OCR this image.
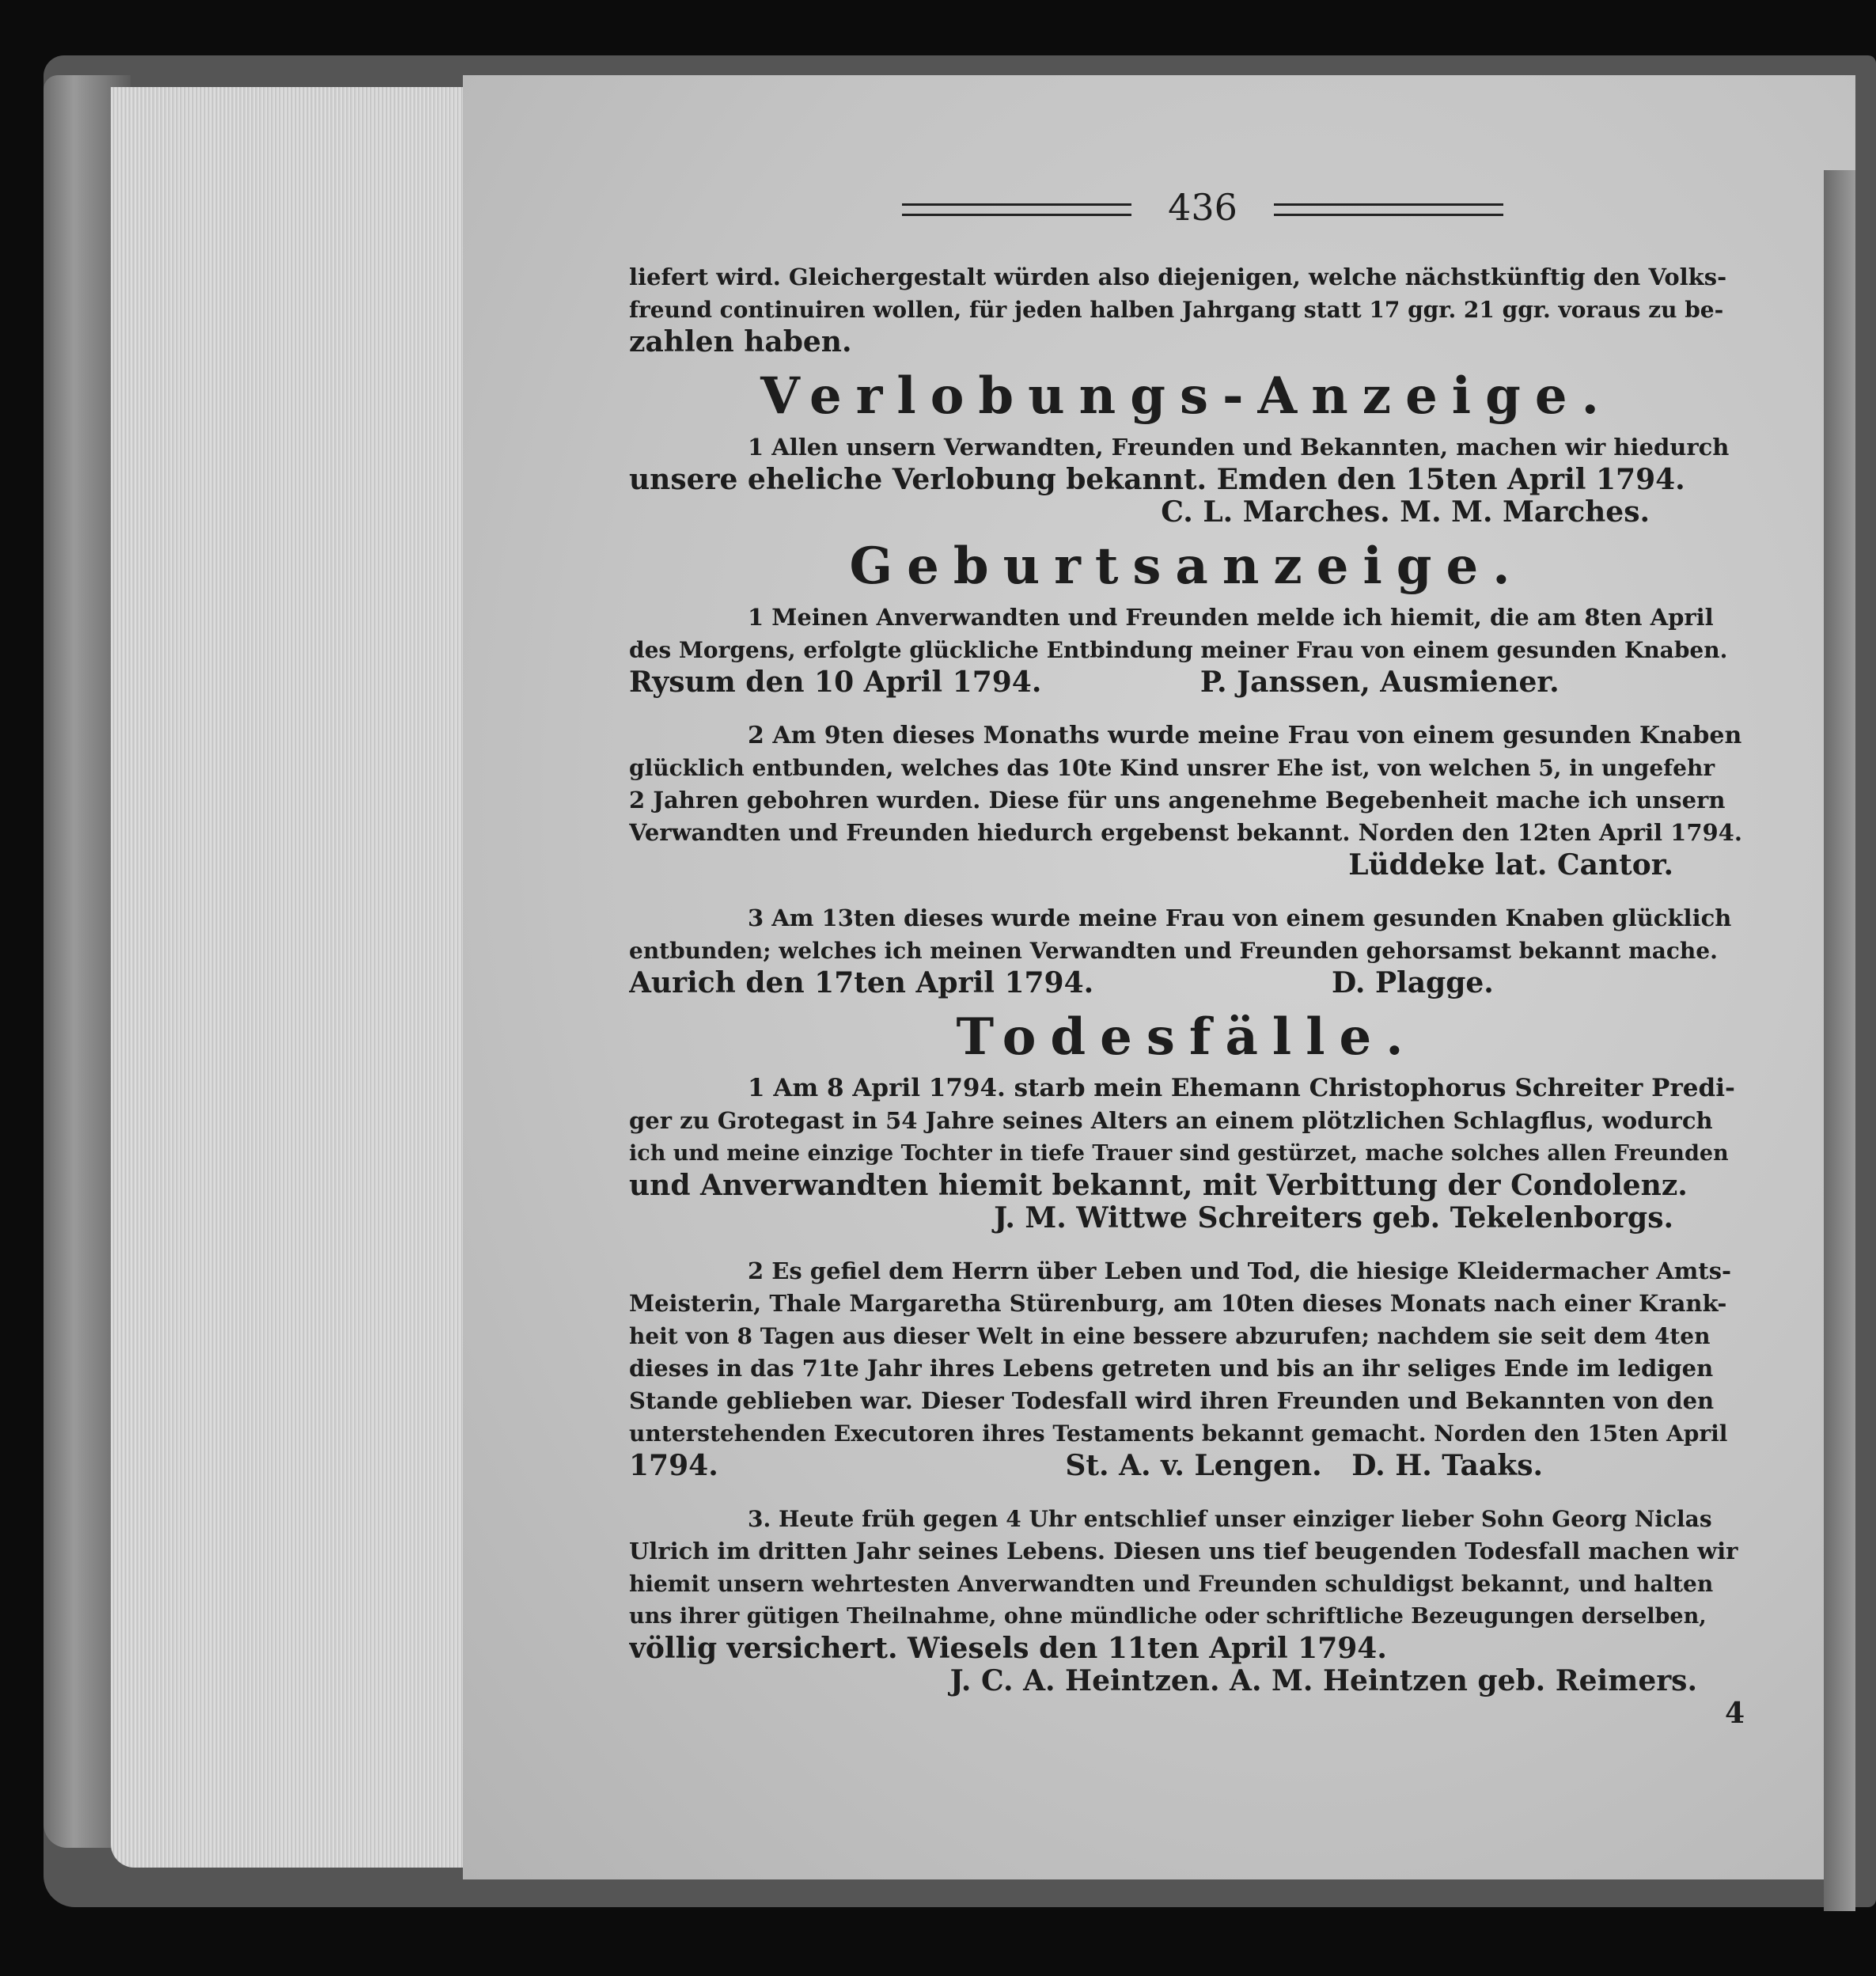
436

liefert wird. Gleichergestalt würden also diejenigen, welche nächstkünftig den Volks-

freund continuiren wollen, für jeden halben Jahrgang statt 17 ggr. 21 ggr. voraus zu be-

zahlen haben.

Verlobungs-Anzeige.

1 Allen unsern Verwandten, Freunden und Bekannten, machen wir hiedurch

unsere eheliche Verlobung bekannt. Emden den 15ten April 1794.

C. L. Marches. M. M. Marches.

Geburtsanzeige.

1 Meinen Anverwandten und Freunden melde ich hiemit, die am 8ten April

des Morgens, erfolgte glückliche Entbindung meiner Frau von einem gesunden Knaben.

Rysum den 10 April 1794.                P. Janssen, Ausmiener.

2 Am 9ten dieses Monaths wurde meine Frau von einem gesunden Knaben

glücklich entbunden, welches das 10te Kind unsrer Ehe ist, von welchen 5, in ungefehr

2 Jahren gebohren wurden. Diese für uns angenehme Begebenheit mache ich unsern

Verwandten und Freunden hiedurch ergebenst bekannt. Norden den 12ten April 1794.

Lüddeke lat. Cantor.

3 Am 13ten dieses wurde meine Frau von einem gesunden Knaben glücklich

entbunden; welches ich meinen Verwandten und Freunden gehorsamst bekannt mache.

Aurich den 17ten April 1794.                        D. Plagge.

Todesfälle.

1 Am 8 April 1794. starb mein Ehemann Christophorus Schreiter Predi-

ger zu Grotegast in 54 Jahre seines Alters an einem plötzlichen Schlagflus, wodurch

ich und meine einzige Tochter in tiefe Trauer sind gestürzet, mache solches allen Freunden

und Anverwandten hiemit bekannt, mit Verbittung der Condolenz.

J. M. Wittwe Schreiters geb. Tekelenborgs.

2 Es gefiel dem Herrn über Leben und Tod, die hiesige Kleidermacher Amts-

Meisterin, Thale Margaretha Stürenburg, am 10ten dieses Monats nach einer Krank-

heit von 8 Tagen aus dieser Welt in eine bessere abzurufen; nachdem sie seit dem 4ten

dieses in das 71te Jahr ihres Lebens getreten und bis an ihr seliges Ende im ledigen

Stande geblieben war. Dieser Todesfall wird ihren Freunden und Bekannten von den

unterstehenden Executoren ihres Testaments bekannt gemacht. Norden den 15ten April

1794.                                   St. A. v. Lengen.   D. H. Taaks.

3. Heute früh gegen 4 Uhr entschlief unser einziger lieber Sohn Georg Niclas

Ulrich im dritten Jahr seines Lebens. Diesen uns tief beugenden Todesfall machen wir

hiemit unsern wehrtesten Anverwandten und Freunden schuldigst bekannt, und halten

uns ihrer gütigen Theilnahme, ohne mündliche oder schriftliche Bezeugungen derselben,

völlig versichert. Wiesels den 11ten April 1794.

J. C. A. Heintzen. A. M. Heintzen geb. Reimers.

4
